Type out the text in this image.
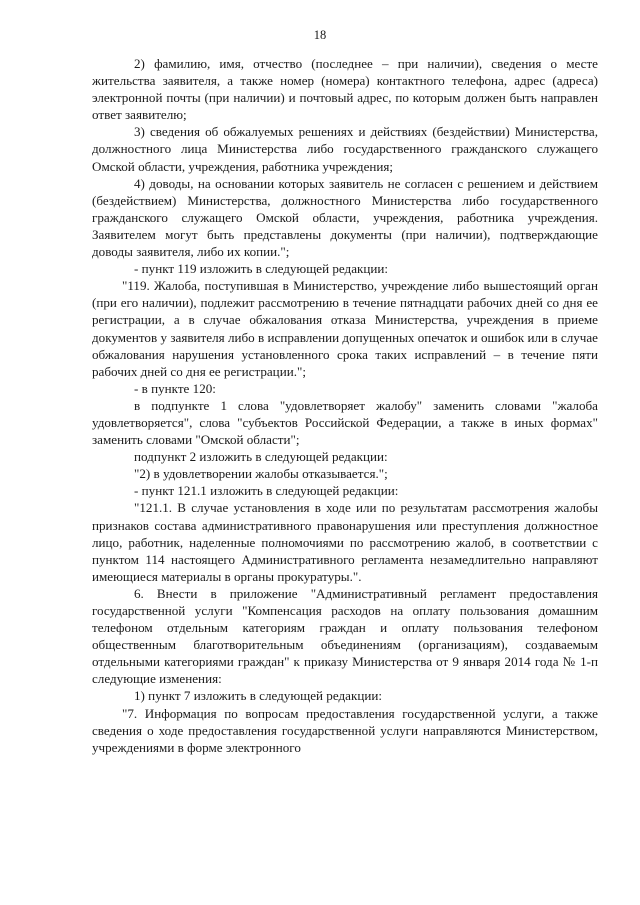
18

2) фамилию, имя, отчество (последнее – при наличии), сведения о месте жительства заявителя, а также номер (номера) контактного телефона, адрес (адреса) электронной почты (при наличии) и почтовый адрес, по которым должен быть направлен ответ заявителю;

3) сведения об обжалуемых решениях и действиях (бездействии) Министерства, должностного лица Министерства либо государственного гражданского служащего Омской области, учреждения, работника учреждения;

4) доводы, на основании которых заявитель не согласен с решением и действием (бездействием) Министерства, должностного Министерства либо государственного гражданского служащего Омской области, учреждения, работника учреждения. Заявителем могут быть представлены документы (при наличии), подтверждающие доводы заявителя, либо их копии.";

- пункт 119 изложить в следующей редакции:

"119. Жалоба, поступившая в Министерство, учреждение либо вышестоящий орган (при его наличии), подлежит рассмотрению в течение пятнадцати рабочих дней со дня ее регистрации, а в случае обжалования отказа Министерства, учреждения в приеме документов у заявителя либо в исправлении допущенных опечаток и ошибок или в случае обжалования нарушения установленного срока таких исправлений – в течение пяти рабочих дней со дня ее регистрации.";

- в пункте 120:

в подпункте 1 слова "удовлетворяет жалобу" заменить словами "жалоба удовлетворяется", слова "субъектов Российской Федерации, а также в иных формах" заменить словами "Омской области";

подпункт 2 изложить в следующей редакции:

"2) в удовлетворении жалобы отказывается.";

- пункт 121.1 изложить в следующей редакции:

"121.1. В случае установления в ходе или по результатам рассмотрения жалобы признаков состава административного правонарушения или преступления должностное лицо, работник, наделенные полномочиями по рассмотрению жалоб, в соответствии с пунктом 114 настоящего Административного регламента незамедлительно направляют имеющиеся материалы в органы прокуратуры.".

6. Внести в приложение "Административный регламент предоставления государственной услуги "Компенсация расходов на оплату пользования домашним телефоном отдельным категориям граждан и оплату пользования телефоном общественным благотворительным объединениям (организациям), создаваемым отдельными категориями граждан" к приказу Министерства от 9 января 2014 года № 1-п следующие изменения:

1) пункт 7 изложить в следующей редакции:

"7. Информация по вопросам предоставления государственной услуги, а также сведения о ходе предоставления государственной услуги направляются Министерством, учреждениями в форме электронного
